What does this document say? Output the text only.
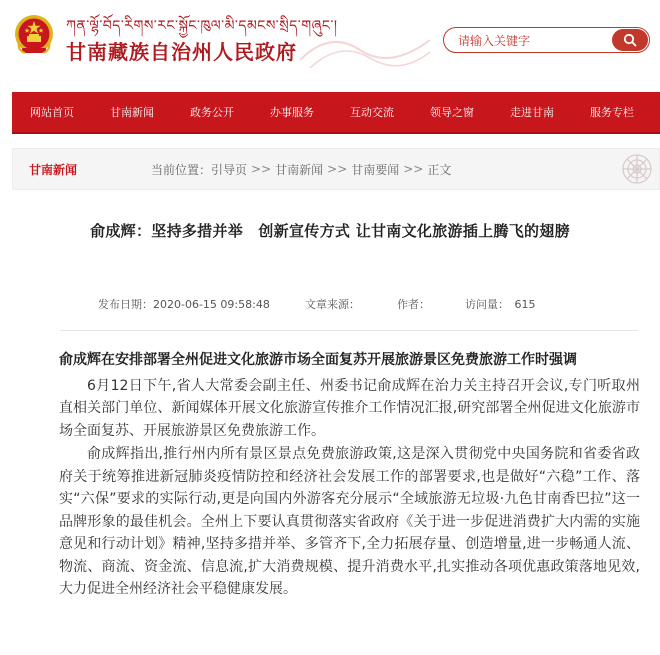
ཀན་ལྷོ་བོད་རིགས་རང་སྐྱོང་ཁུལ་མི་དམངས་སྲིད་གཞུང་།
甘南藏族自治州人民政府
请输入关键字
网站首页	甘南新闻	政务公开	办事服务	互动交流	领导之窗	走进甘南	服务专栏
甘南新闻	当前位置： 引导页 >> 甘南新闻 >> 甘南要闻 >> 正文
俞成辉：坚持多措并举　创新宣传方式 让甘南文化旅游插上腾飞的翅膀
发布日期：2020-06-15 09:58:48	文章来源：	作者：	访问量：　615

俞成辉在安排部署全州促进文化旅游市场全面复苏开展旅游景区免费旅游工作时强调

6月12日下午,省人大常委会副主任、州委书记俞成辉在治力关主持召开会议,专门听取州直相关部门单位、新闻媒体开展文化旅游宣传推介工作情况汇报,研究部署全州促进文化旅游市场全面复苏、开展旅游景区免费旅游工作。

俞成辉指出,推行州内所有景区景点免费旅游政策,这是深入贯彻党中央国务院和省委省政府关于统筹推进新冠肺炎疫情防控和经济社会发展工作的部署要求,也是做好“六稳”工作、落实“六保”要求的实际行动,更是向国内外游客充分展示“全域旅游无垃圾·九色甘南香巴拉”这一品牌形象的最佳机会。全州上下要认真贯彻落实省政府《关于进一步促进消费扩大内需的实施意见和行动计划》精神,坚持多措并举、多管齐下,全力拓展存量、创造增量,进一步畅通人流、物流、商流、资金流、信息流,扩大消费规模、提升消费水平,扎实推动各项优惠政策落地见效,大力促进全州经济社会平稳健康发展。
